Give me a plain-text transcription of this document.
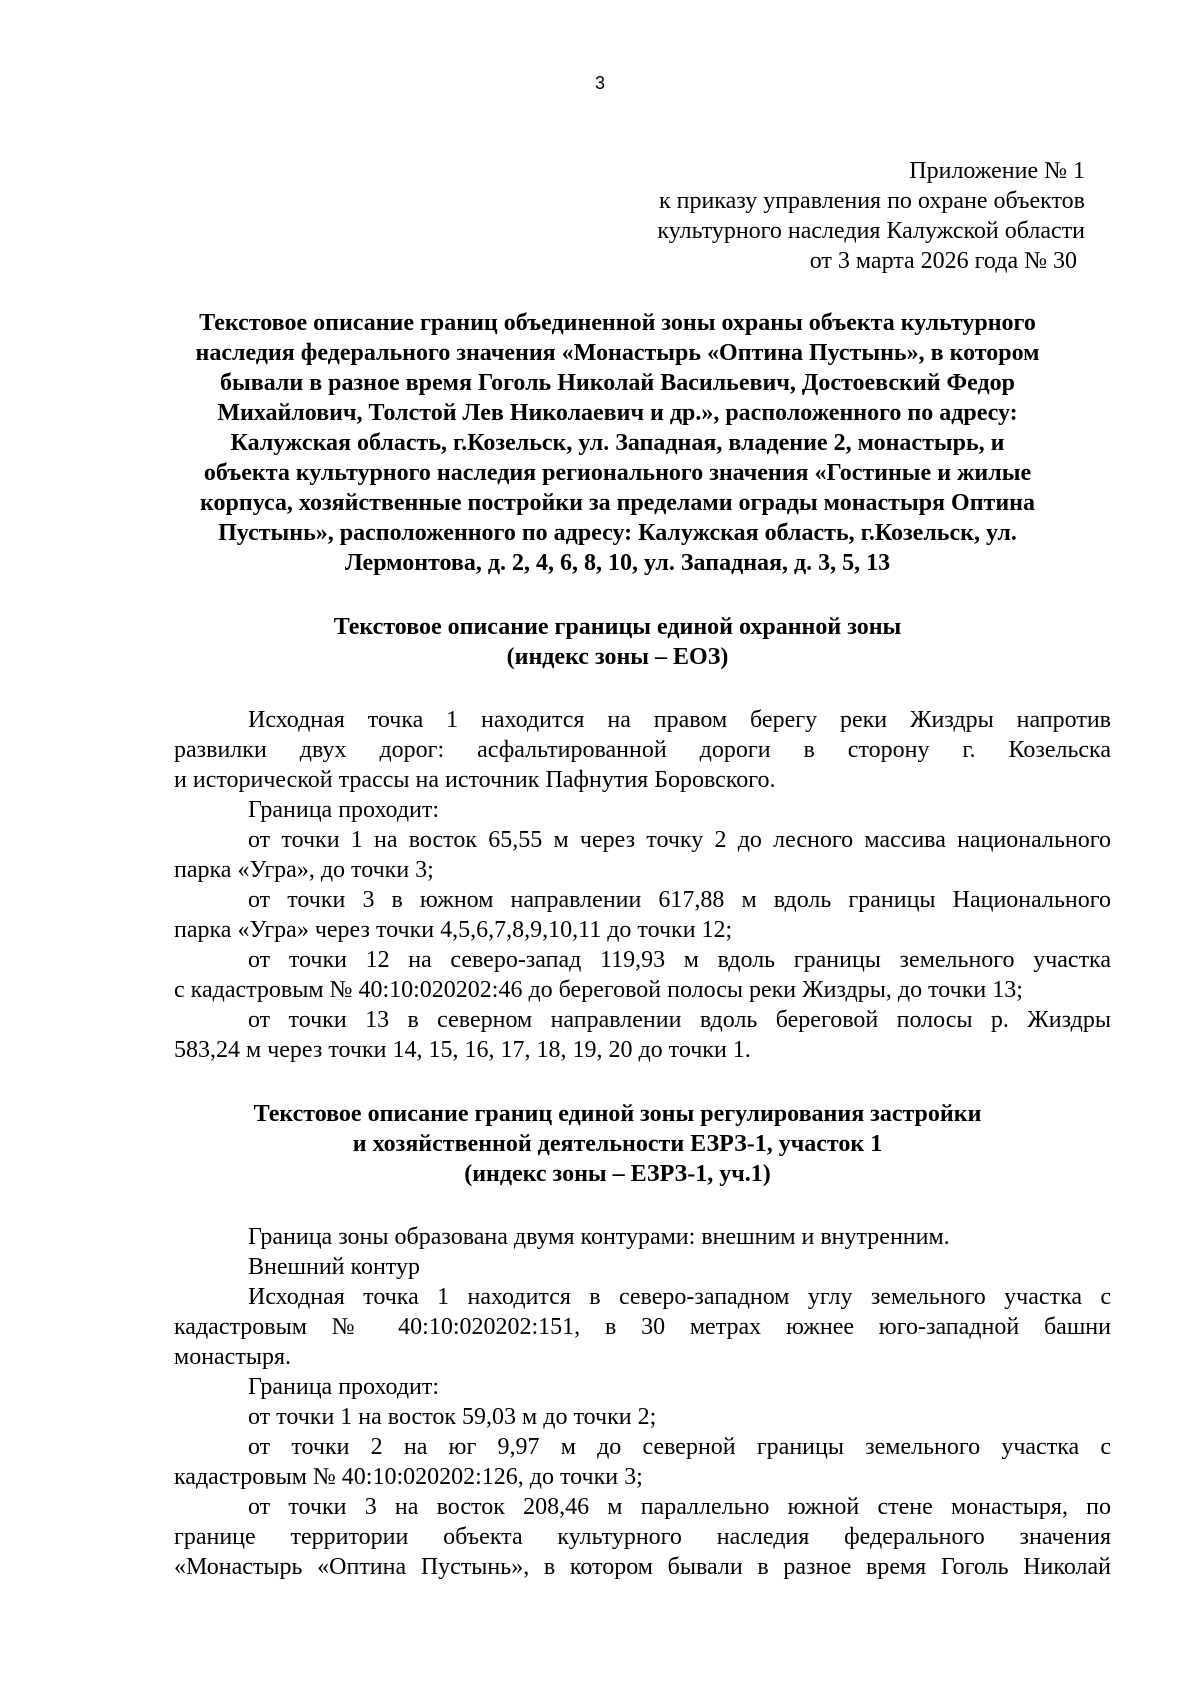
3
Приложение № 1
к приказу управления по охране объектов
культурного наследия Калужской области
от 3 марта 2026 года № 30
Текстовое описание границ объединенной зоны охраны объекта культурного
наследия федерального значения «Монастырь «Оптина Пустынь», в котором
бывали в разное время Гоголь Николай Васильевич, Достоевский Федор
Михайлович, Толстой Лев Николаевич и др.», расположенного по адресу:
Калужская область, г.Козельск, ул. Западная, владение 2, монастырь, и
объекта культурного наследия регионального значения «Гостиные и жилые
корпуса, хозяйственные постройки за пределами ограды монастыря Оптина
Пустынь», расположенного по адресу: Калужская область, г.Козельск, ул.
Лермонтова, д. 2, 4, 6, 8, 10, ул. Западная, д. 3, 5, 13
Текстовое описание границы единой охранной зоны
(индекс зоны – ЕОЗ)
Исходная точка 1 находится на правом берегу реки Жиздры напротив
развилки двух дорог: асфальтированной дороги в сторону г. Козельска
и исторической трассы на источник Пафнутия Боровского.
Граница проходит:
от точки 1 на восток 65,55 м через точку 2 до лесного массива национального
парка «Угра», до точки 3;
от точки 3 в южном направлении 617,88 м вдоль границы Национального
парка «Угра» через точки 4,5,6,7,8,9,10,11 до точки 12;
от точки 12 на северо-запад 119,93 м вдоль границы земельного участка
с кадастровым № 40:10:020202:46 до береговой полосы реки Жиздры, до точки 13;
от точки 13 в северном направлении вдоль береговой полосы р. Жиздры
583,24 м через точки 14, 15, 16, 17, 18, 19, 20 до точки 1.
Текстовое описание границ единой зоны регулирования застройки
и хозяйственной деятельности ЕЗРЗ-1, участок 1
(индекс зоны – ЕЗРЗ-1, уч.1)
Граница зоны образована двумя контурами: внешним и внутренним.
Внешний контур
Исходная точка 1 находится в северо-западном углу земельного участка с
кадастровым № 40:10:020202:151, в 30 метрах южнее юго-западной башни
монастыря.
Граница проходит:
от точки 1 на восток 59,03 м до точки 2;
от точки 2 на юг 9,97 м до северной границы земельного участка с
кадастровым № 40:10:020202:126, до точки 3;
от точки 3 на восток 208,46 м параллельно южной стене монастыря, по
границе территории объекта культурного наследия федерального значения
«Монастырь «Оптина Пустынь», в котором бывали в разное время Гоголь Николай
